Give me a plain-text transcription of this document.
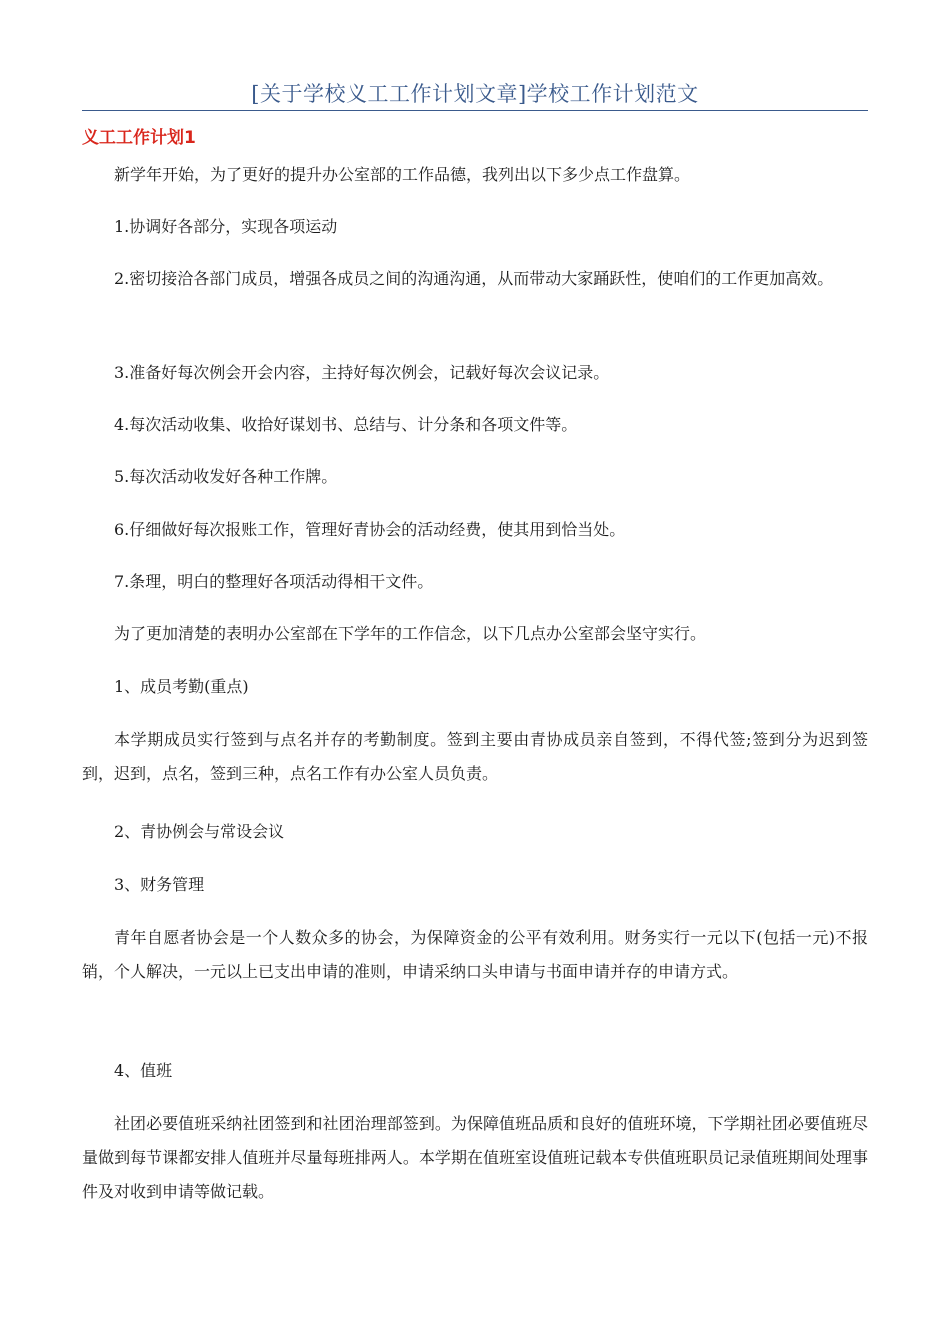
[关于学校义工工作计划文章]学校工作计划范文
义工工作计划1

新学年开始，为了更好的提升办公室部的工作品德，我列出以下多少点工作盘算。

1.协调好各部分，实现各项运动

2.密切接洽各部门成员，增强各成员之间的沟通沟通，从而带动大家踊跃性，使咱们的工作更加高效。

3.准备好每次例会开会内容，主持好每次例会，记载好每次会议记录。

4.每次活动收集、收拾好谋划书、总结与、计分条和各项文件等。

5.每次活动收发好各种工作牌。

6.仔细做好每次报账工作，管理好青协会的活动经费，使其用到恰当处。

7.条理，明白的整理好各项活动得相干文件。

为了更加清楚的表明办公室部在下学年的工作信念，以下几点办公室部会坚守实行。

1、成员考勤(重点)

本学期成员实行签到与点名并存的考勤制度。签到主要由青协成员亲自签到，不得代签;签到分为迟到签到，迟到，点名，签到三种，点名工作有办公室人员负责。

2、青协例会与常设会议

3、财务管理

青年自愿者协会是一个人数众多的协会，为保障资金的公平有效利用。财务实行一元以下(包括一元)不报销，个人解决，一元以上已支出申请的准则，申请采纳口头申请与书面申请并存的申请方式。

4、值班

社团必要值班采纳社团签到和社团治理部签到。为保障值班品质和良好的值班环境，下学期社团必要值班尽量做到每节课都安排人值班并尽量每班排两人。本学期在值班室设值班记载本专供值班职员记录值班期间处理事件及对收到申请等做记载。
